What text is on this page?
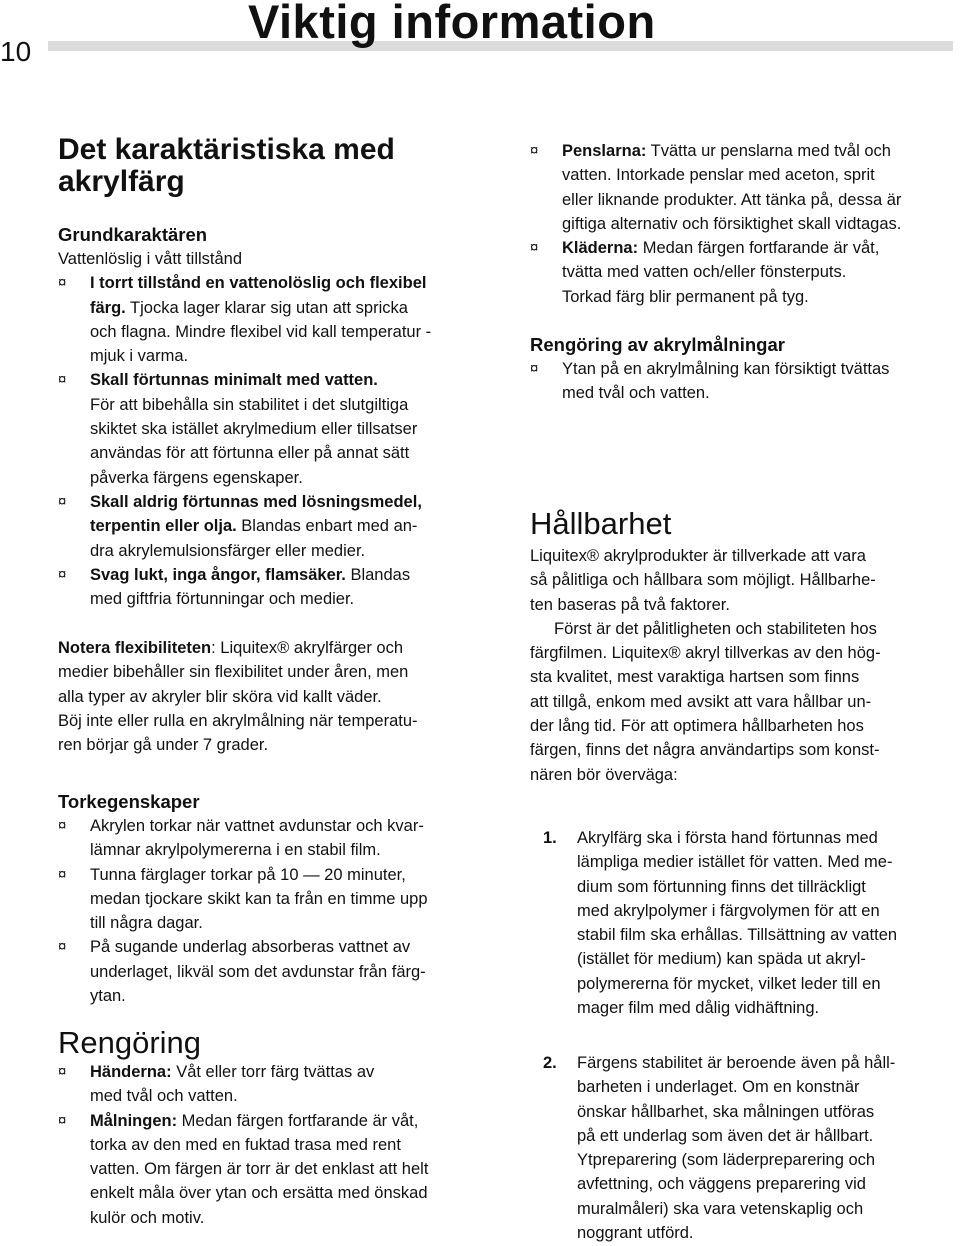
10
Viktig information
Det karaktäristiska med
akrylfärg
Grundkaraktären
Vattenlöslig i vått tillstånd
¤ I torrt tillstånd en vattenolöslig och flexibel
färg. Tjocka lager klarar sig utan att spricka
och flagna. Mindre flexibel vid kall temperatur -
mjuk i varma.
¤ Skall förtunnas minimalt med vatten.
För att bibehålla sin stabilitet i det slutgiltiga
skiktet ska istället akrylmedium eller tillsatser
användas för att förtunna eller på annat sätt
påverka färgens egenskaper.
¤ Skall aldrig förtunnas med lösningsmedel,
terpentin eller olja. Blandas enbart med an-
dra akrylemulsionsfärger eller medier.
¤ Svag lukt, inga ångor, flamsäker. Blandas
med giftfria förtunningar och medier.
Notera flexibiliteten: Liquitex® akrylfärger och
medier bibehåller sin flexibilitet under åren, men
alla typer av akryler blir sköra vid kallt väder.
Böj inte eller rulla en akrylmålning när temperatu-
ren börjar gå under 7 grader.
Torkegenskaper
¤ Akrylen torkar när vattnet avdunstar och kvar-
lämnar akrylpolymererna i en stabil film.
¤ Tunna färglager torkar på 10 — 20 minuter,
medan tjockare skikt kan ta från en timme upp
till några dagar.
¤ På sugande underlag absorberas vattnet av
underlaget, likväl som det avdunstar från färg-
ytan.
Rengöring
¤ Händerna: Våt eller torr färg tvättas av
med tvål och vatten.
¤ Målningen: Medan färgen fortfarande är våt,
torka av den med en fuktad trasa med rent
vatten. Om färgen är torr är det enklast att helt
enkelt måla över ytan och ersätta med önskad
kulör och motiv.
¤ Penslarna: Tvätta ur penslarna med tvål och
vatten. Intorkade penslar med aceton, sprit
eller liknande produkter. Att tänka på, dessa är
giftiga alternativ och försiktighet skall vidtagas.
¤ Kläderna: Medan färgen fortfarande är våt,
tvätta med vatten och/eller fönsterputs.
Torkad färg blir permanent på tyg.
Rengöring av akrylmålningar
¤ Ytan på en akrylmålning kan försiktigt tvättas
med tvål och vatten.
Hållbarhet
Liquitex® akrylprodukter är tillverkade att vara
så pålitliga och hållbara som möjligt. Hållbarhe-
ten baseras på två faktorer.
Först är det pålitligheten och stabiliteten hos
färgfilmen. Liquitex® akryl tillverkas av den hög-
sta kvalitet, mest varaktiga hartsen som finns
att tillgå, enkom med avsikt att vara hållbar un-
der lång tid. För att optimera hållbarheten hos
färgen, finns det några användartips som konst-
nären bör överväga:
1. Akrylfärg ska i första hand förtunnas med
lämpliga medier istället för vatten. Med me-
dium som förtunning finns det tillräckligt
med akrylpolymer i färgvolymen för att en
stabil film ska erhållas. Tillsättning av vatten
(istället för medium) kan späda ut akryl-
polymererna för mycket, vilket leder till en
mager film med dålig vidhäftning.
2. Färgens stabilitet är beroende även på håll-
barheten i underlaget. Om en konstnär
önskar hållbarhet, ska målningen utföras
på ett underlag som även det är hållbart.
Ytpreparering (som läderpreparering och
avfettning, och väggens preparering vid
muralmåleri) ska vara vetenskaplig och
noggrant utförd.
